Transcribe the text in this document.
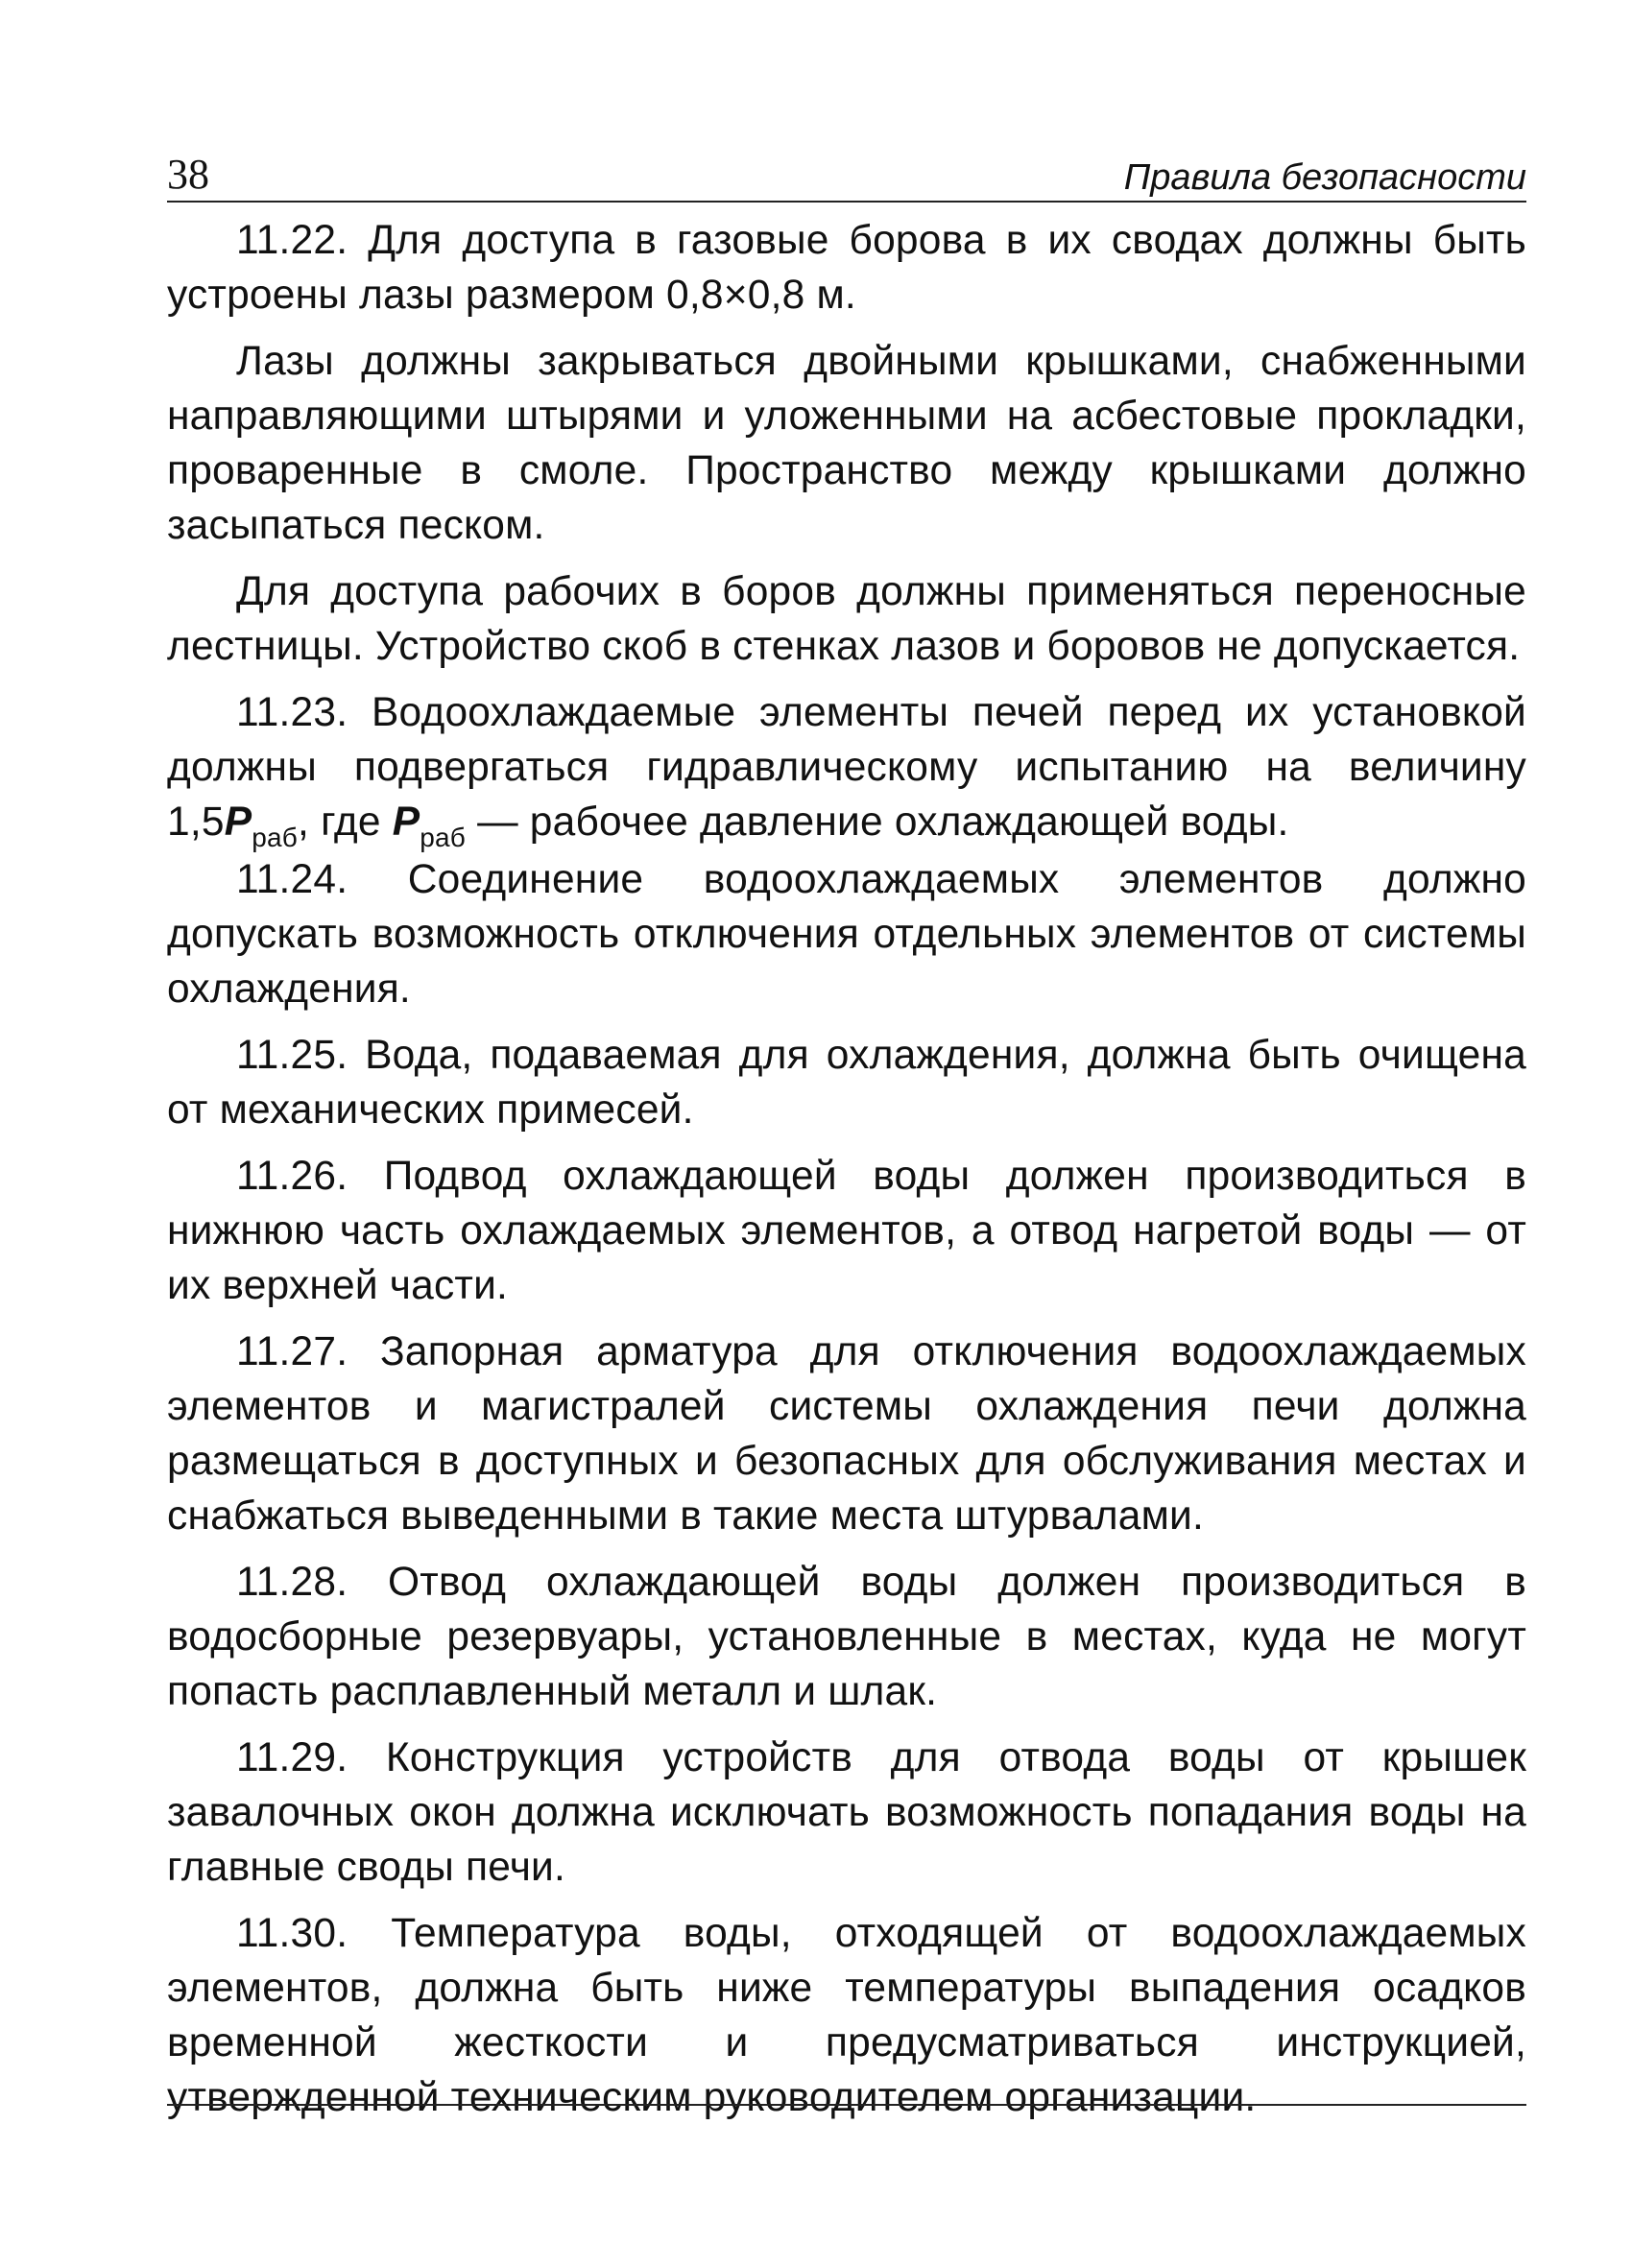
38	Правила безопасности

11.22. Для доступа в газовые борова в их сводах должны быть устроены лазы размером 0,8×0,8 м.

Лазы должны закрываться двойными крышками, снабженными направляющими штырями и уложенными на асбестовые прокладки, проваренные в смоле. Пространство между крышками должно засыпаться песком.

Для доступа рабочих в боров должны применяться переносные лестницы. Устройство скоб в стенках лазов и боровов не допускается.

11.23. Водоохлаждаемые элементы печей перед их установкой должны подвергаться гидравлическому испытанию на величину $1,5P_{раб}$, где $P_{раб}$ — рабочее давление охлаждающей воды.

11.24. Соединение водоохлаждаемых элементов должно допускать возможность отключения отдельных элементов от системы охлаждения.

11.25. Вода, подаваемая для охлаждения, должна быть очищена от механических примесей.

11.26. Подвод охлаждающей воды должен производиться в нижнюю часть охлаждаемых элементов, а отвод нагретой воды — от их верхней части.

11.27. Запорная арматура для отключения водоохлаждаемых элементов и магистралей системы охлаждения печи должна размещаться в доступных и безопасных для обслуживания местах и снабжаться выведенными в такие места штурвалами.

11.28. Отвод охлаждающей воды должен производиться в водосборные резервуары, установленные в местах, куда не могут попасть расплавленный металл и шлак.

11.29. Конструкция устройств для отвода воды от крышек завалочных окон должна исключать возможность попадания воды на главные своды печи.

11.30. Температура воды, отходящей от водоохлаждаемых элементов, должна быть ниже температуры выпадения осадков временной жесткости и предусматриваться инструкцией, утвержденной техническим руководителем организации.
